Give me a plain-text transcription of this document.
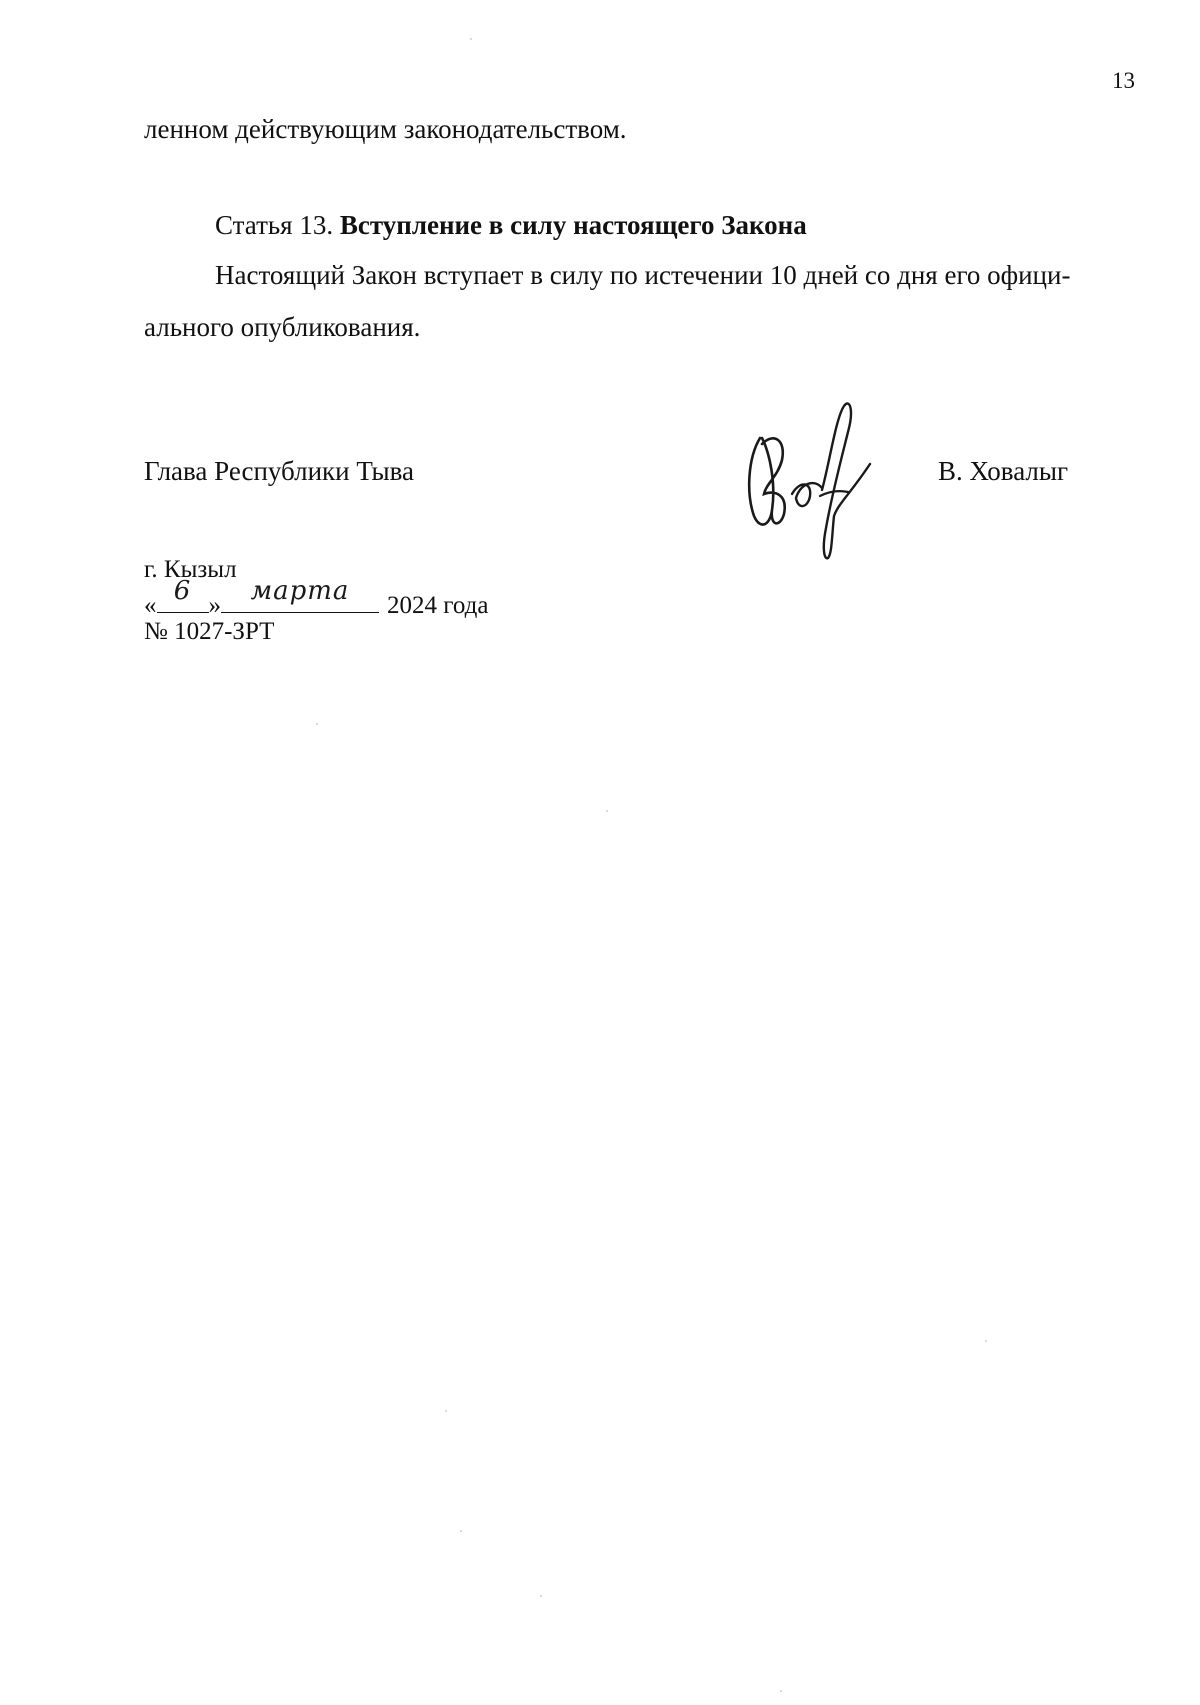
13
ленном действующим законодательством.
Статья 13. Вступление в силу настоящего Закона
Настоящий Закон вступает в силу по истечении 10 дней со дня его офици-
ального опубликования.
Глава Республики Тыва	В. Ховалыг
г. Кызыл
« 6 »	марта	2024 года
№ 1027-ЗРТ
